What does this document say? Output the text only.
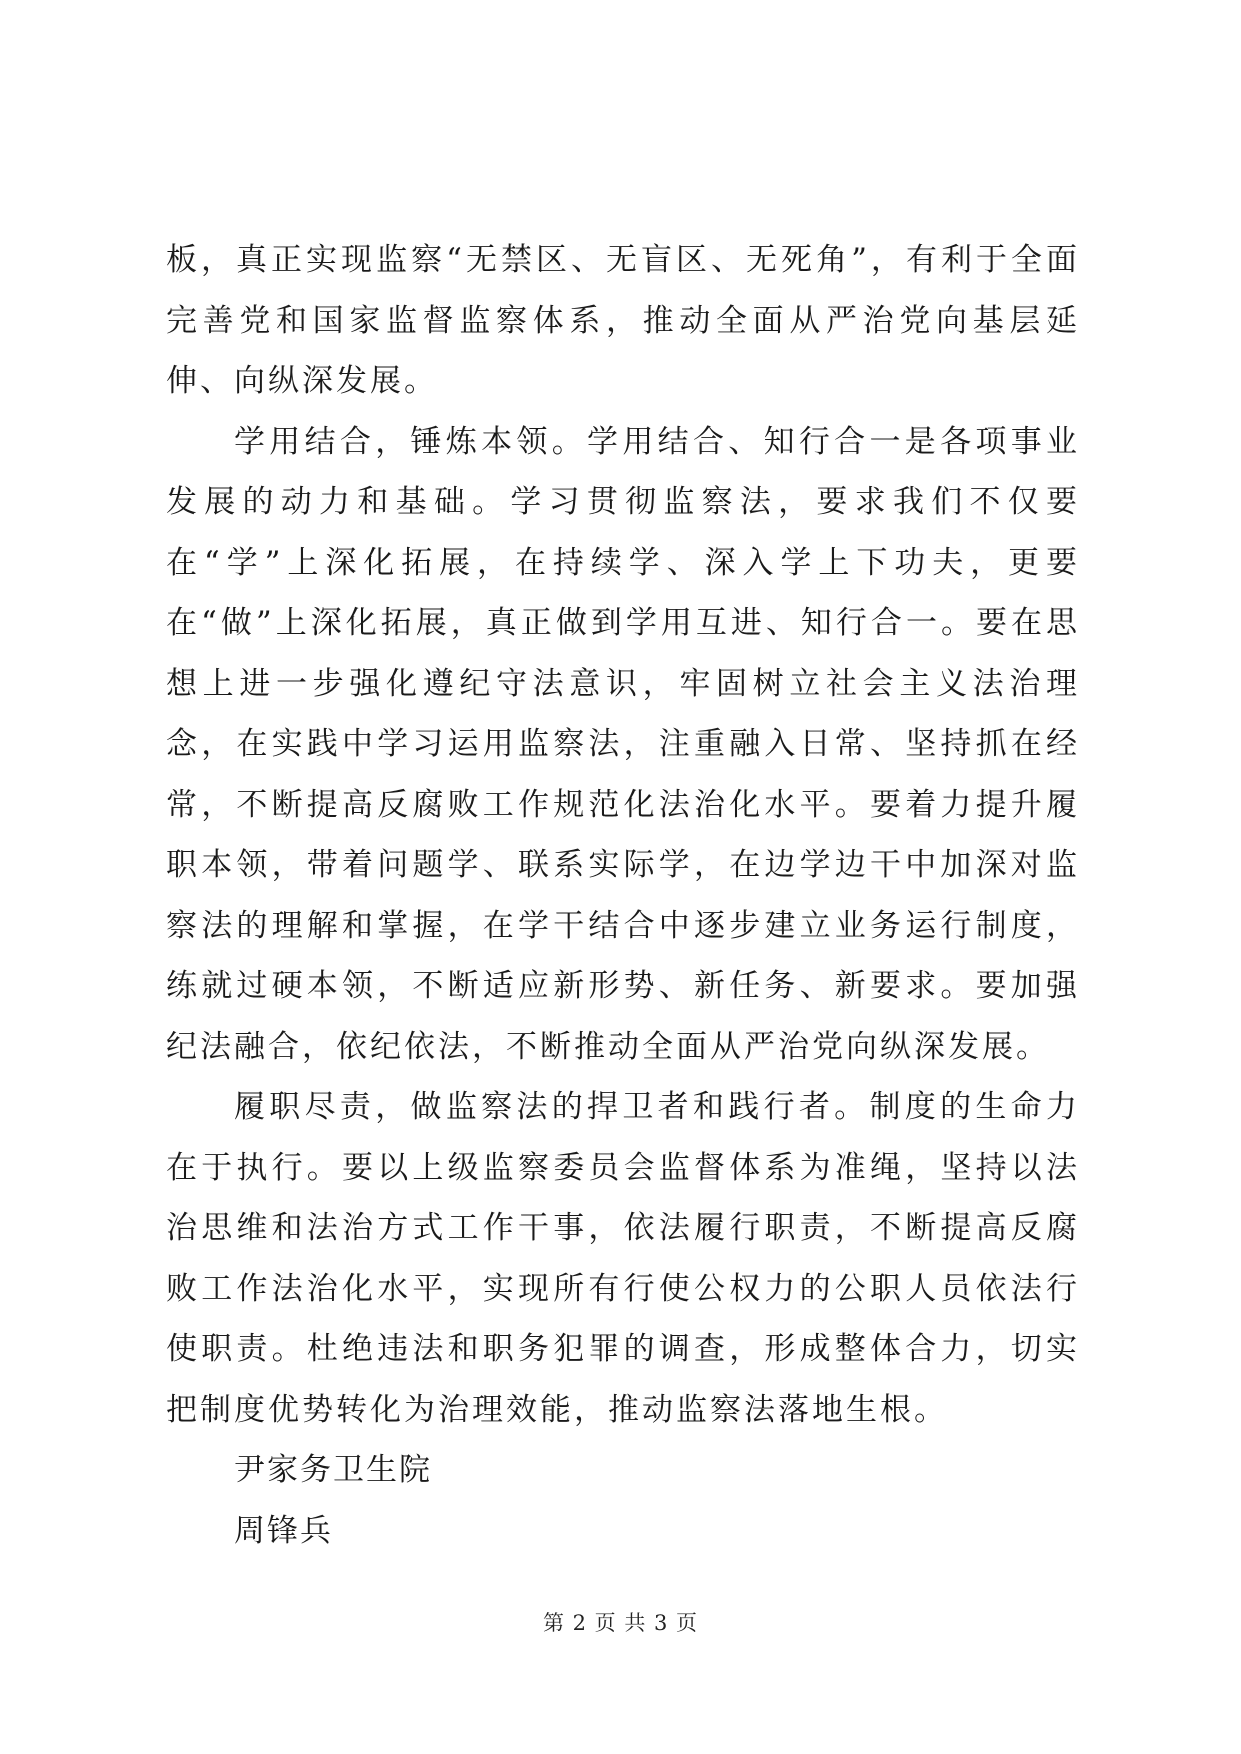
板，真正实现监察“无禁区、无盲区、无死角”，有利于全面完善党和国家监督监察体系，推动全面从严治党向基层延伸、向纵深发展。

学用结合，锤炼本领。学用结合、知行合一是各项事业发展的动力和基础。学习贯彻监察法，要求我们不仅要在“学”上深化拓展，在持续学、深入学上下功夫，更要在“做”上深化拓展，真正做到学用互进、知行合一。要在思想上进一步强化遵纪守法意识，牢固树立社会主义法治理念，在实践中学习运用监察法，注重融入日常、坚持抓在经常，不断提高反腐败工作规范化法治化水平。要着力提升履职本领，带着问题学、联系实际学，在边学边干中加深对监察法的理解和掌握，在学干结合中逐步建立业务运行制度，练就过硬本领，不断适应新形势、新任务、新要求。要加强纪法融合，依纪依法，不断推动全面从严治党向纵深发展。

履职尽责，做监察法的捍卫者和践行者。制度的生命力在于执行。要以上级监察委员会监督体系为准绳，坚持以法治思维和法治方式工作干事，依法履行职责，不断提高反腐败工作法治化水平，实现所有行使公权力的公职人员依法行使职责。杜绝违法和职务犯罪的调查，形成整体合力，切实把制度优势转化为治理效能，推动监察法落地生根。

尹家务卫生院

周锋兵

第 2 页 共 3 页
